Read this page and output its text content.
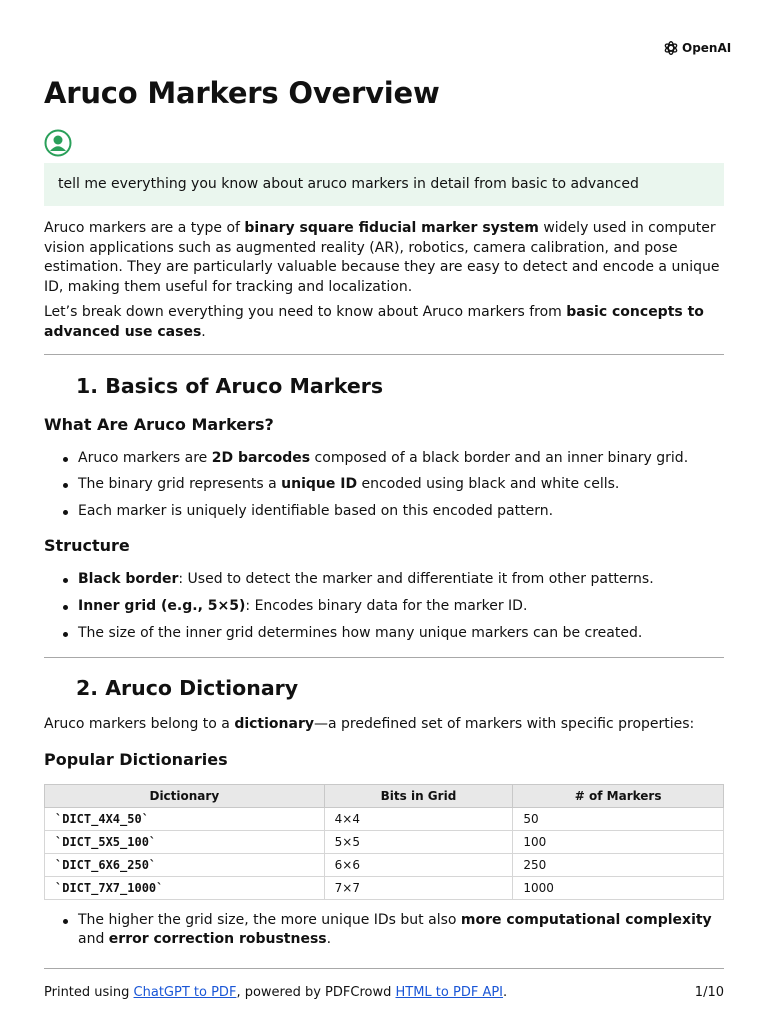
OpenAI
Aruco Markers Overview
tell me everything you know about aruco markers in detail from basic to advanced

Aruco markers are a type of binary square fiducial marker system widely used in computer vision applications such as augmented reality (AR), robotics, camera calibration, and pose estimation. They are particularly valuable because they are easy to detect and encode a unique ID, making them useful for tracking and localization.

Let’s break down everything you need to know about Aruco markers from basic concepts to advanced use cases.

1. Basics of Aruco Markers
What Are Aruco Markers?
Aruco markers are 2D barcodes composed of a black border and an inner binary grid.
The binary grid represents a unique ID encoded using black and white cells.
Each marker is uniquely identifiable based on this encoded pattern.
Structure
Black border: Used to detect the marker and differentiate it from other patterns.
Inner grid (e.g., 5×5): Encodes binary data for the marker ID.
The size of the inner grid determines how many unique markers can be created.
2. Aruco Dictionary

Aruco markers belong to a dictionary—a predefined set of markers with specific properties:

Popular Dictionaries
Dictionary	Bits in Grid	# of Markers
`DICT_4X4_50`	4×4	50
`DICT_5X5_100`	5×5	100
`DICT_6X6_250`	6×6	250
`DICT_7X7_1000`	7×7	1000
The higher the grid size, the more unique IDs but also more computational complexity and error correction robustness.
Printed using ChatGPT to PDF, powered by PDFCrowd HTML to PDF API.	1/10
